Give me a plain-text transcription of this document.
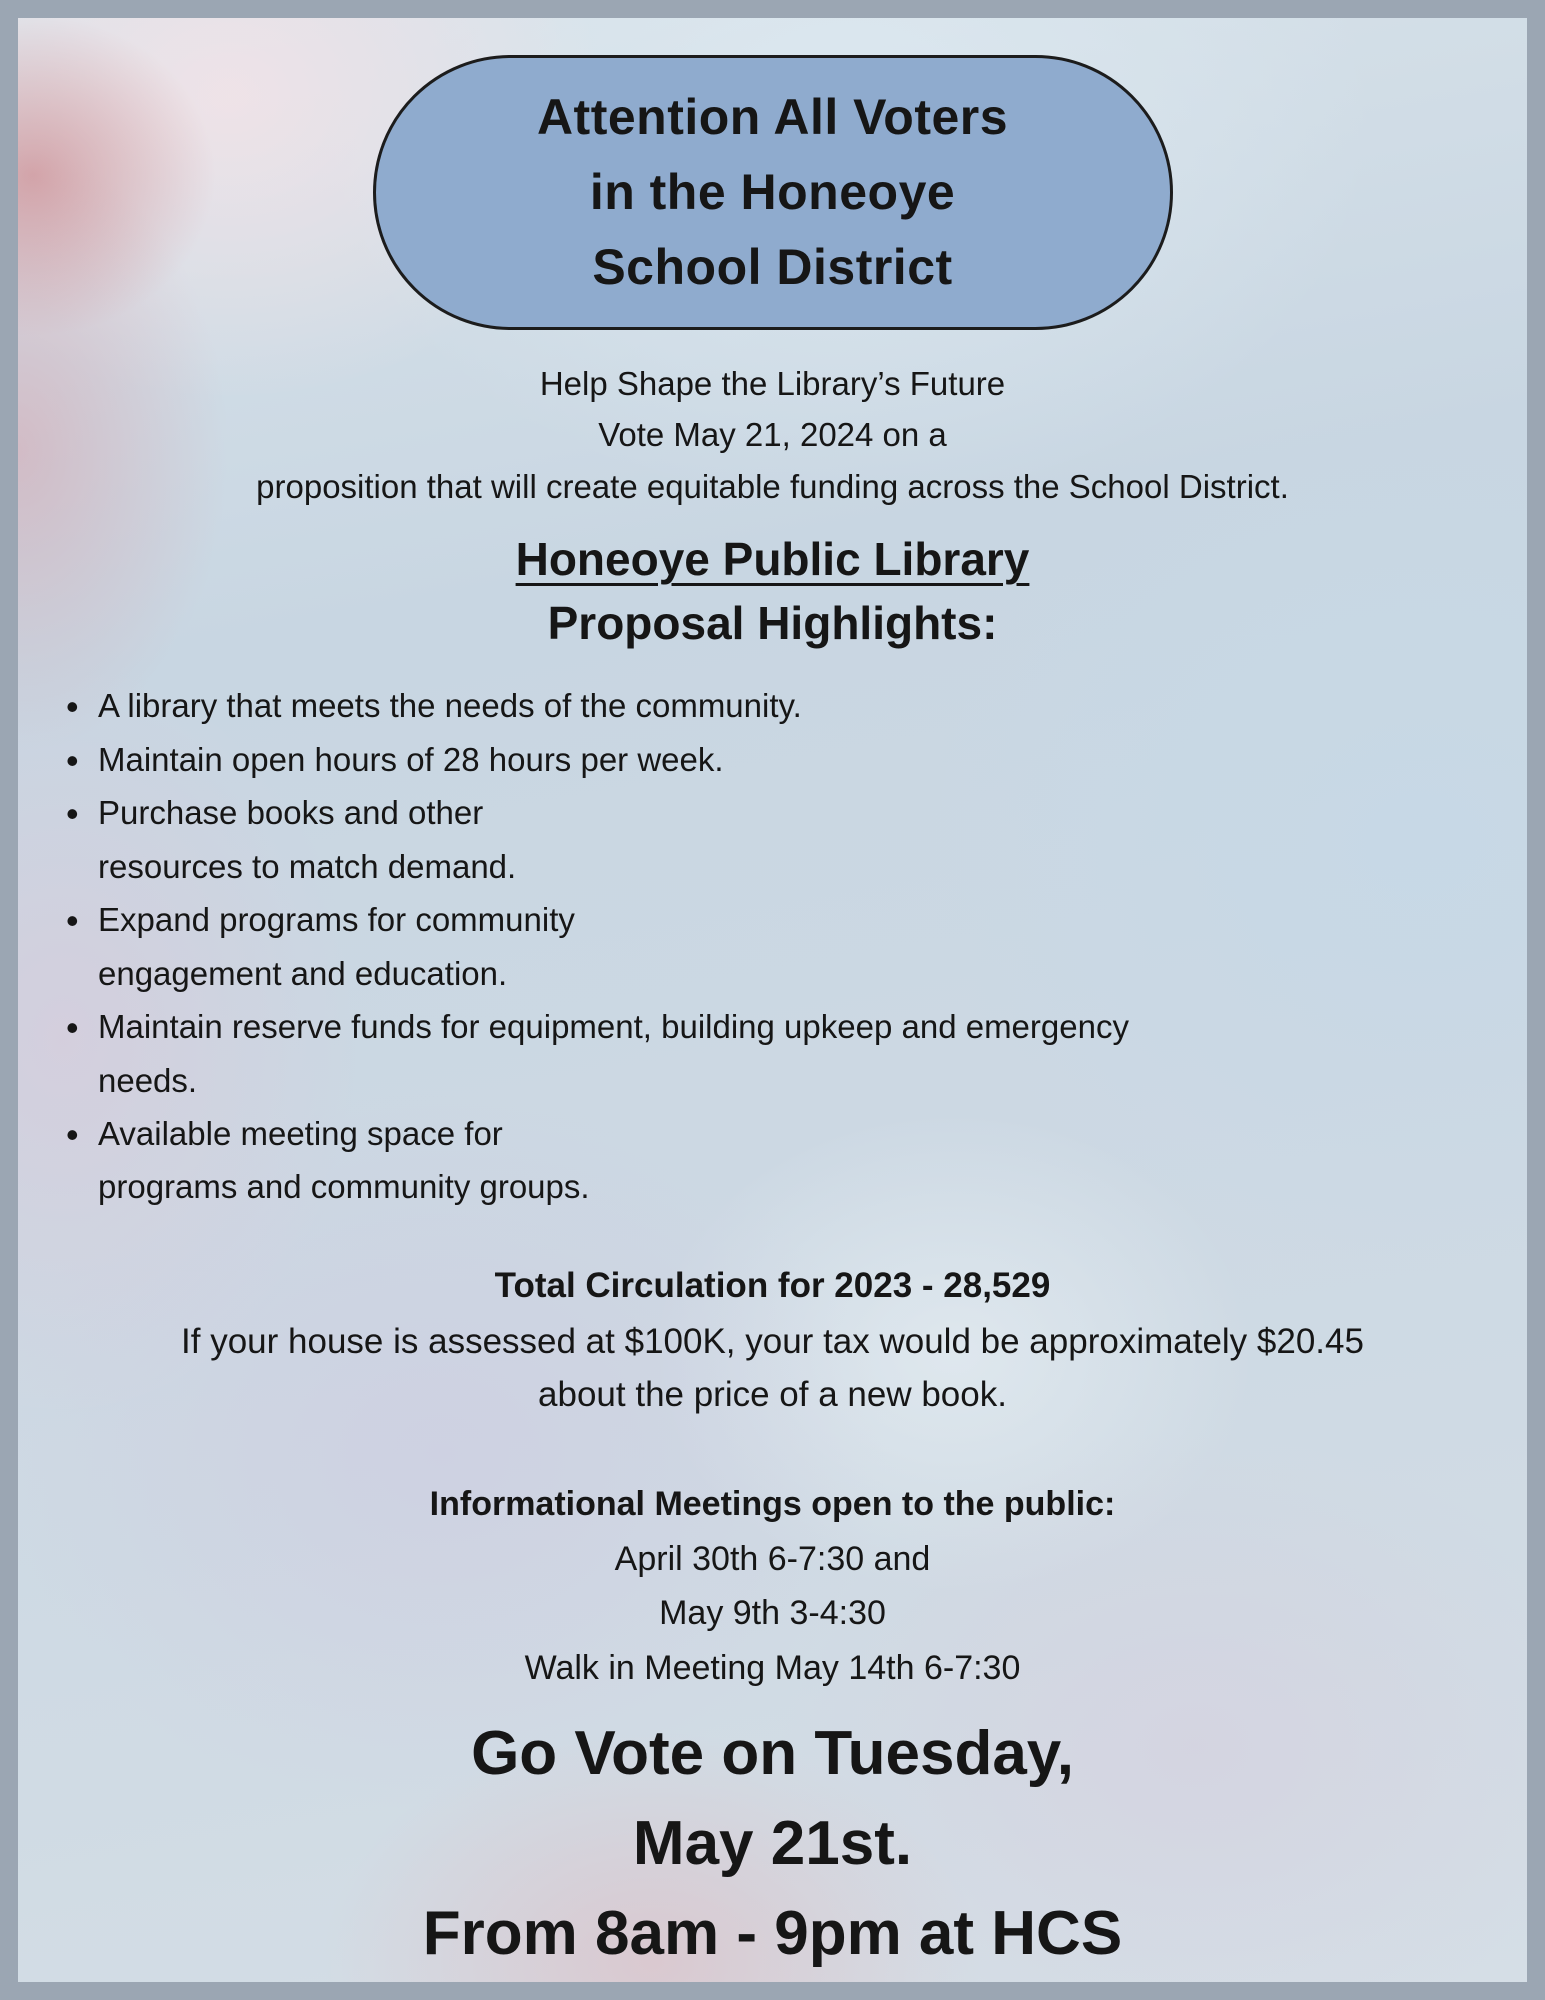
Attention All Voters
in the Honeoye
School District
Help Shape the Library’s Future
Vote May 21, 2024 on a
proposition that will create equitable funding across the School District.
Honeoye Public Library
Proposal Highlights:
• A library that meets the needs of the community.
• Maintain open hours of 28 hours per week.
• Purchase books and other
resources to match demand.
• Expand programs for community
engagement and education.
• Maintain reserve funds for equipment, building upkeep and emergency
needs.
• Available meeting space for
programs and community groups.
Total Circulation for 2023 - 28,529
If your house is assessed at $100K, your tax would be approximately $20.45
about the price of a new book.
Informational Meetings open to the public:
April 30th 6-7:30 and
May 9th 3-4:30
Walk in Meeting May 14th 6-7:30
Go Vote on Tuesday,
May 21st.
From 8am - 9pm at HCS
